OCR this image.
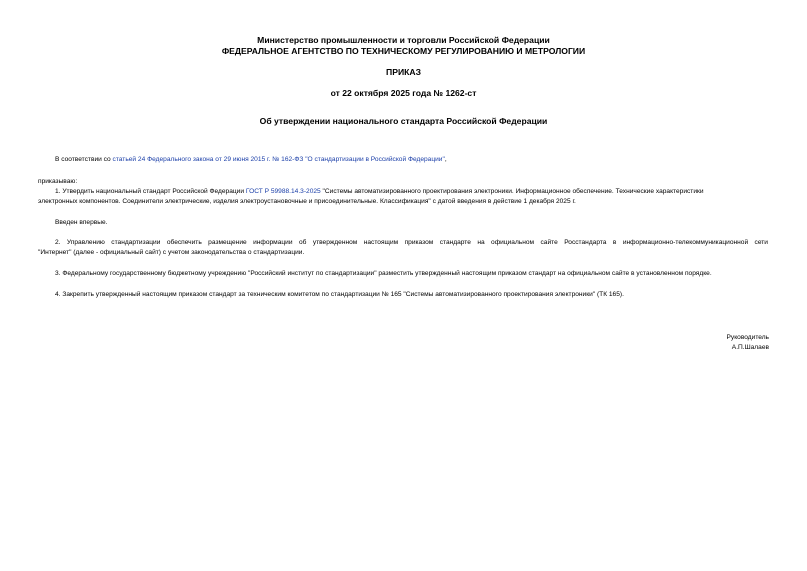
Министерство промышленности и торговли Российской Федерации
ФЕДЕРАЛЬНОЕ АГЕНТСТВО ПО ТЕХНИЧЕСКОМУ РЕГУЛИРОВАНИЮ И МЕТРОЛОГИИ
ПРИКАЗ
от 22 октября 2025 года № 1262-ст
Об утверждении национального стандарта Российской Федерации
В соответствии со статьей 24 Федерального закона от 29 июня 2015 г. № 162-ФЗ "О стандартизации в Российской Федерации",
приказываю:
1. Утвердить национальный стандарт Российской Федерации ГОСТ Р 59988.14.3-2025 "Системы автоматизированного проектирования электроники. Информационное обеспечение. Технические характеристики
электронных компонентов. Соединители электрические, изделия электроустановочные и присоединительные. Классификация" с датой введения в действие 1 декабря 2025 г.
Введен впервые.
2. Управлению стандартизации обеспечить размещение информации об утвержденном настоящим приказом стандарте на официальном сайте Росстандарта в информационно-телекоммуникационной сети
"Интернет" (далее - официальный сайт) с учетом законодательства о стандартизации.
3. Федеральному государственному бюджетному учреждению "Российский институт по стандартизации" разместить утвержденный настоящим приказом стандарт на официальном сайте в установленном порядке.
4. Закрепить утвержденный настоящим приказом стандарт за техническим комитетом по стандартизации № 165 "Системы автоматизированного проектирования электроники" (ТК 165).
Руководитель
А.П.Шалаев
